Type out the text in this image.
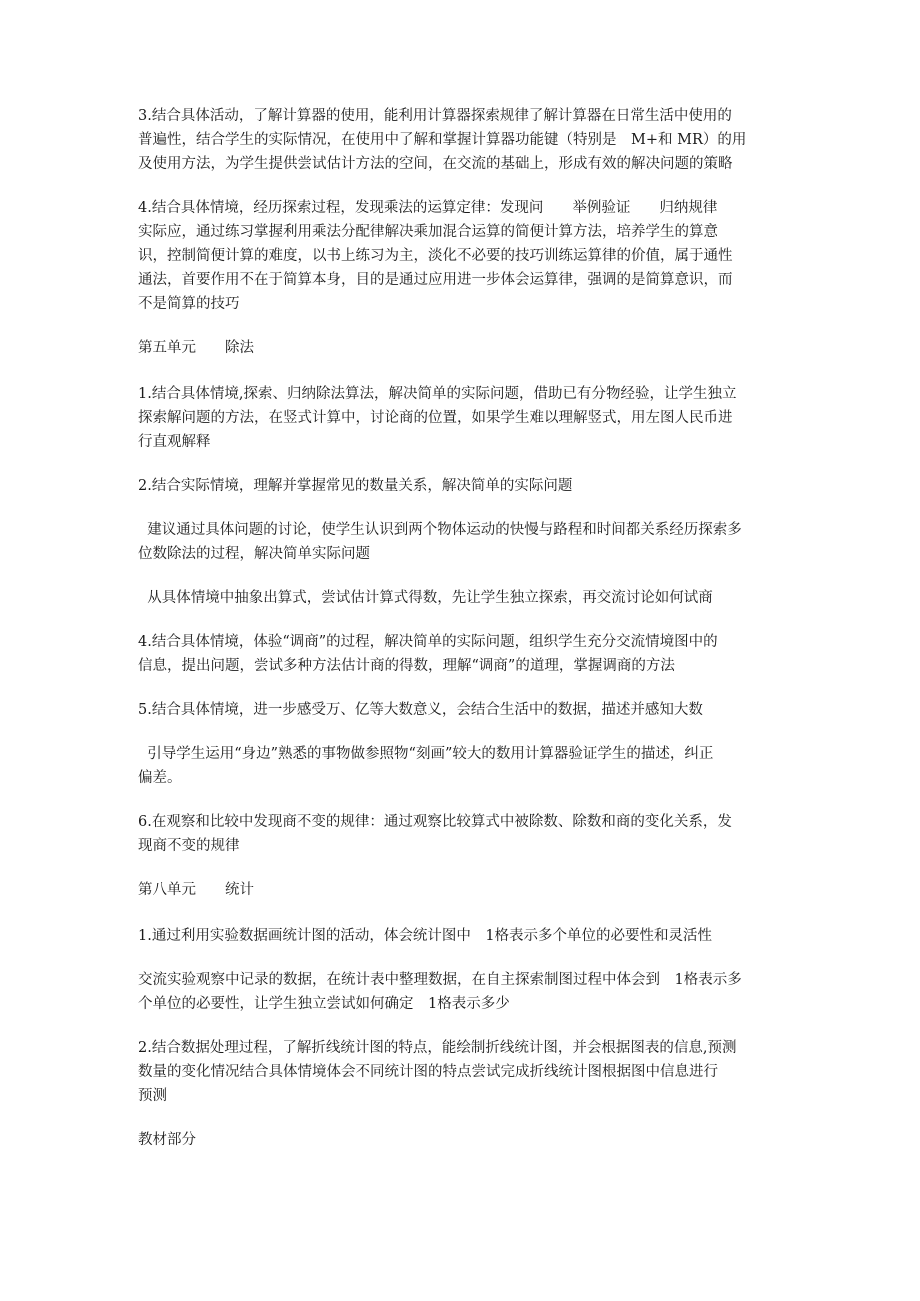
3.结合具体活动，了解计算器的使用，能利用计算器探索规律了解计算器在日常生活中使用的
普遍性，结合学生的实际情况，在使用中了解和掌握计算器功能键（特别是　M+和 MR）的用
及使用方法，为学生提供尝试估计方法的空间，在交流的基础上，形成有效的解决问题的策略
4.结合具体情境，经历探索过程，发现乘法的运算定律：发现问　　举例验证　　归纳规律
实际应，通过练习掌握利用乘法分配律解决乘加混合运算的简便计算方法，培养学生的算意
识，控制简便计算的难度，以书上练习为主，淡化不必要的技巧训练运算律的价值，属于通性
通法，首要作用不在于简算本身，目的是通过应用进一步体会运算律，强调的是简算意识，而
不是简算的技巧
第五单元　　除法
1.结合具体情境,探索、归纳除法算法，解决简单的实际问题，借助已有分物经验，让学生独立
探索解问题的方法，在竖式计算中，讨论商的位置，如果学生难以理解竖式，用左图人民币进
行直观解释
2.结合实际情境，理解并掌握常见的数量关系，解决简单的实际问题
建议通过具体问题的讨论，使学生认识到两个物体运动的快慢与路程和时间都关系经历探索多
位数除法的过程，解决简单实际问题
从具体情境中抽象出算式，尝试估计算式得数，先让学生独立探索，再交流讨论如何试商
4.结合具体情境，体验“调商”的过程，解决简单的实际问题，组织学生充分交流情境图中的
信息，提出问题，尝试多种方法估计商的得数，理解“调商”的道理，掌握调商的方法
5.结合具体情境，进一步感受万、亿等大数意义，会结合生活中的数据，描述并感知大数
引导学生运用“身边”熟悉的事物做参照物“刻画”较大的数用计算器验证学生的描述，纠正
偏差。
6.在观察和比较中发现商不变的规律：通过观察比较算式中被除数、除数和商的变化关系，发
现商不变的规律
第八单元　　统计
1.通过利用实验数据画统计图的活动，体会统计图中　1格表示多个单位的必要性和灵活性
交流实验观察中记录的数据，在统计表中整理数据，在自主探索制图过程中体会到　1格表示多
个单位的必要性，让学生独立尝试如何确定　1格表示多少
2.结合数据处理过程，了解折线统计图的特点，能绘制折线统计图，并会根据图表的信息,预测
数量的变化情况结合具体情境体会不同统计图的特点尝试完成折线统计图根据图中信息进行
预测
教材部分
